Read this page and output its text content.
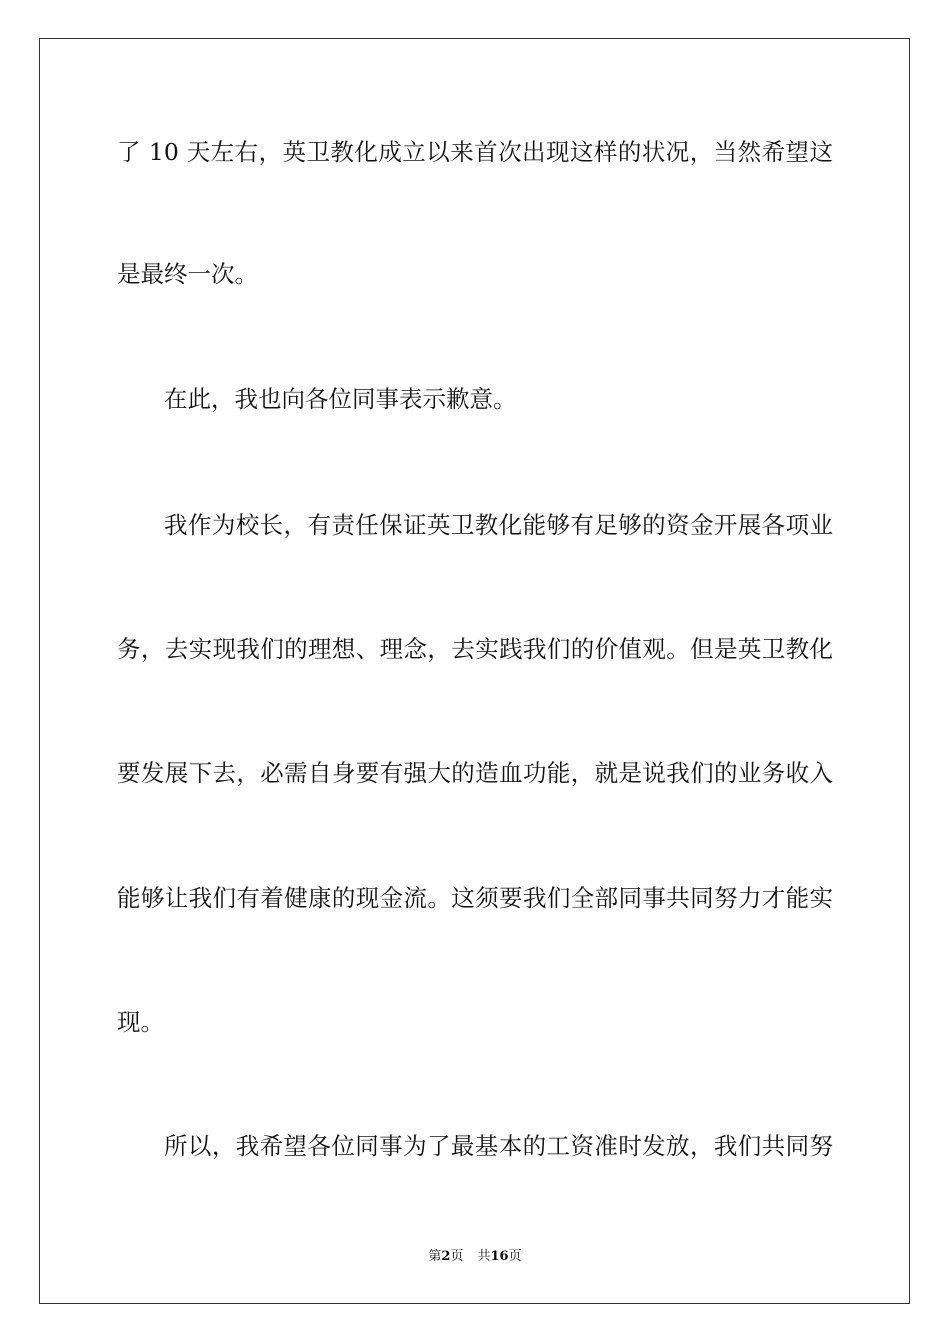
了 10 天左右，英卫教化成立以来首次出现这样的状况，当然希望这
是最终一次。
在此，我也向各位同事表示歉意。
我作为校长，有责任保证英卫教化能够有足够的资金开展各项业
务，去实现我们的理想、理念，去实践我们的价值观。但是英卫教化
要发展下去，必需自身要有强大的造血功能，就是说我们的业务收入
能够让我们有着健康的现金流。这须要我们全部同事共同努力才能实
现。
所以，我希望各位同事为了最基本的工资准时发放，我们共同努
第2页 共16页
